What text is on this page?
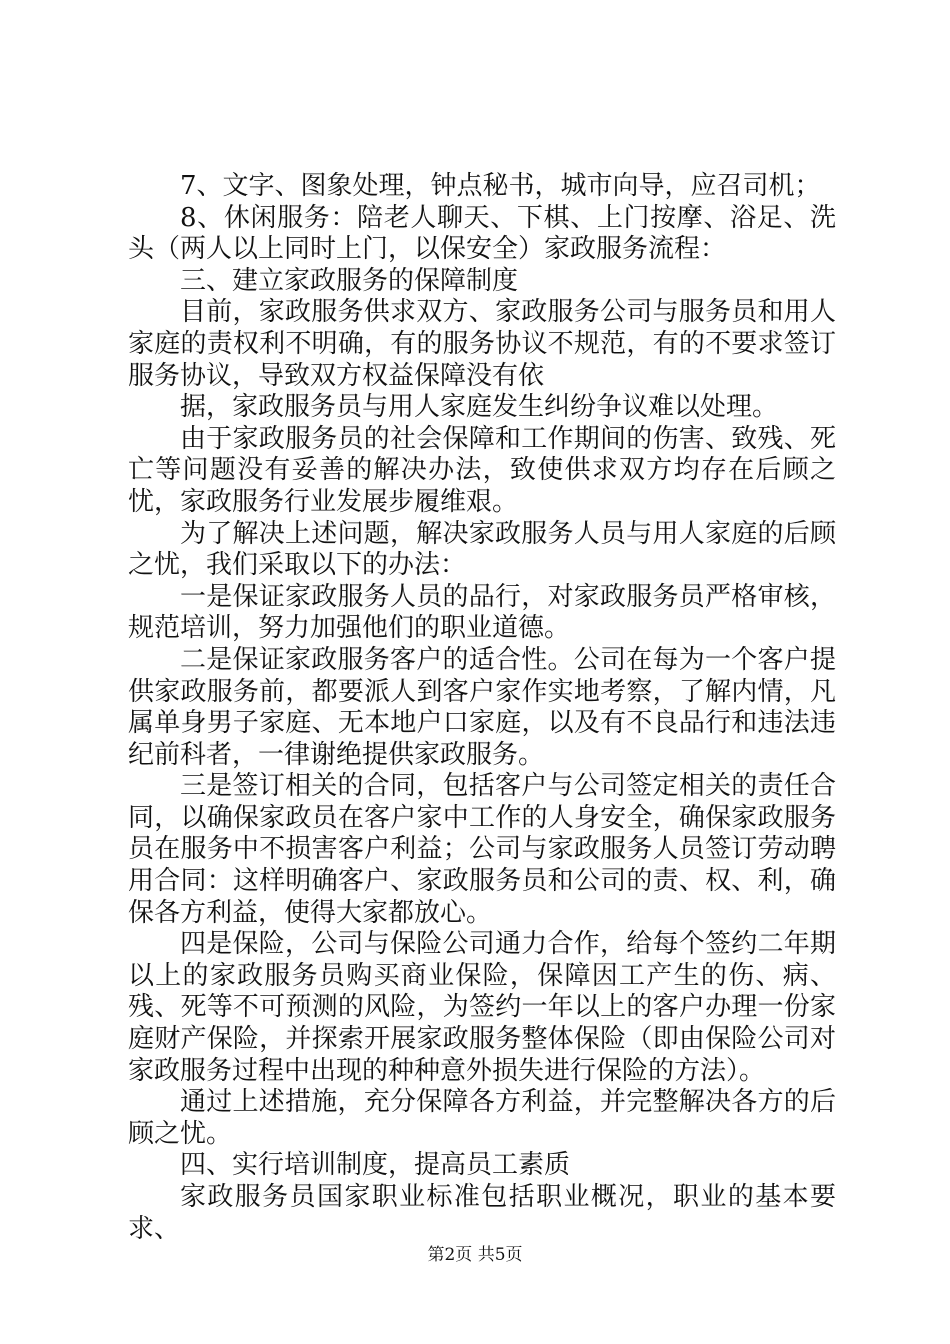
7、文字、图象处理，钟点秘书，城市向导，应召司机；

8、休闲服务：陪老人聊天、下棋、上门按摩、浴足、洗头（两人以上同时上门，以保安全）家政服务流程：

三、建立家政服务的保障制度

目前，家政服务供求双方、家政服务公司与服务员和用人家庭的责权利不明确，有的服务协议不规范，有的不要求签订服务协议，导致双方权益保障没有依

据，家政服务员与用人家庭发生纠纷争议难以处理。

由于家政服务员的社会保障和工作期间的伤害、致残、死亡等问题没有妥善的解决办法，致使供求双方均存在后顾之忧，家政服务行业发展步履维艰。

为了解决上述问题，解决家政服务人员与用人家庭的后顾之忧，我们采取以下的办法：

一是保证家政服务人员的品行，对家政服务员严格审核，规范培训，努力加强他们的职业道德。

二是保证家政服务客户的适合性。公司在每为一个客户提供家政服务前，都要派人到客户家作实地考察，了解内情，凡属单身男子家庭、无本地户口家庭，以及有不良品行和违法违纪前科者，一律谢绝提供家政服务。

三是签订相关的合同，包括客户与公司签定相关的责任合同，以确保家政员在客户家中工作的人身安全，确保家政服务员在服务中不损害客户利益；公司与家政服务人员签订劳动聘用合同：这样明确客户、家政服务员和公司的责、权、利，确保各方利益，使得大家都放心。

四是保险，公司与保险公司通力合作，给每个签约二年期以上的家政服务员购买商业保险，保障因工产生的伤、病、残、死等不可预测的风险，为签约一年以上的客户办理一份家庭财产保险，并探索开展家政服务整体保险（即由保险公司对家政服务过程中出现的种种意外损失进行保险的方法）。

通过上述措施，充分保障各方利益，并完整解决各方的后顾之忧。

四、实行培训制度，提高员工素质

家政服务员国家职业标准包括职业概况，职业的基本要求、

第2页 共5页
